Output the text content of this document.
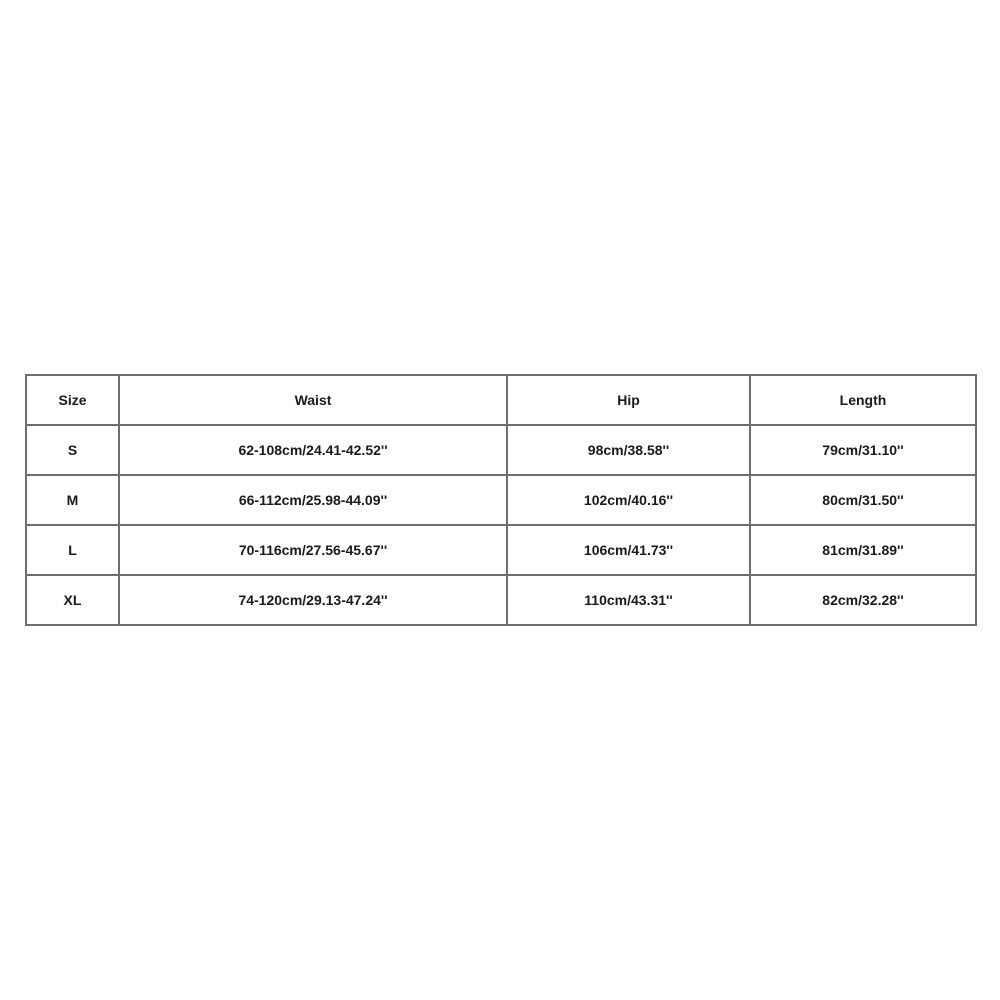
Size	Waist	Hip	Length
S	62-108cm/24.41-42.52''	98cm/38.58''	79cm/31.10''
M	66-112cm/25.98-44.09''	102cm/40.16''	80cm/31.50''
L	70-116cm/27.56-45.67''	106cm/41.73''	81cm/31.89''
XL	74-120cm/29.13-47.24''	110cm/43.31''	82cm/32.28''
